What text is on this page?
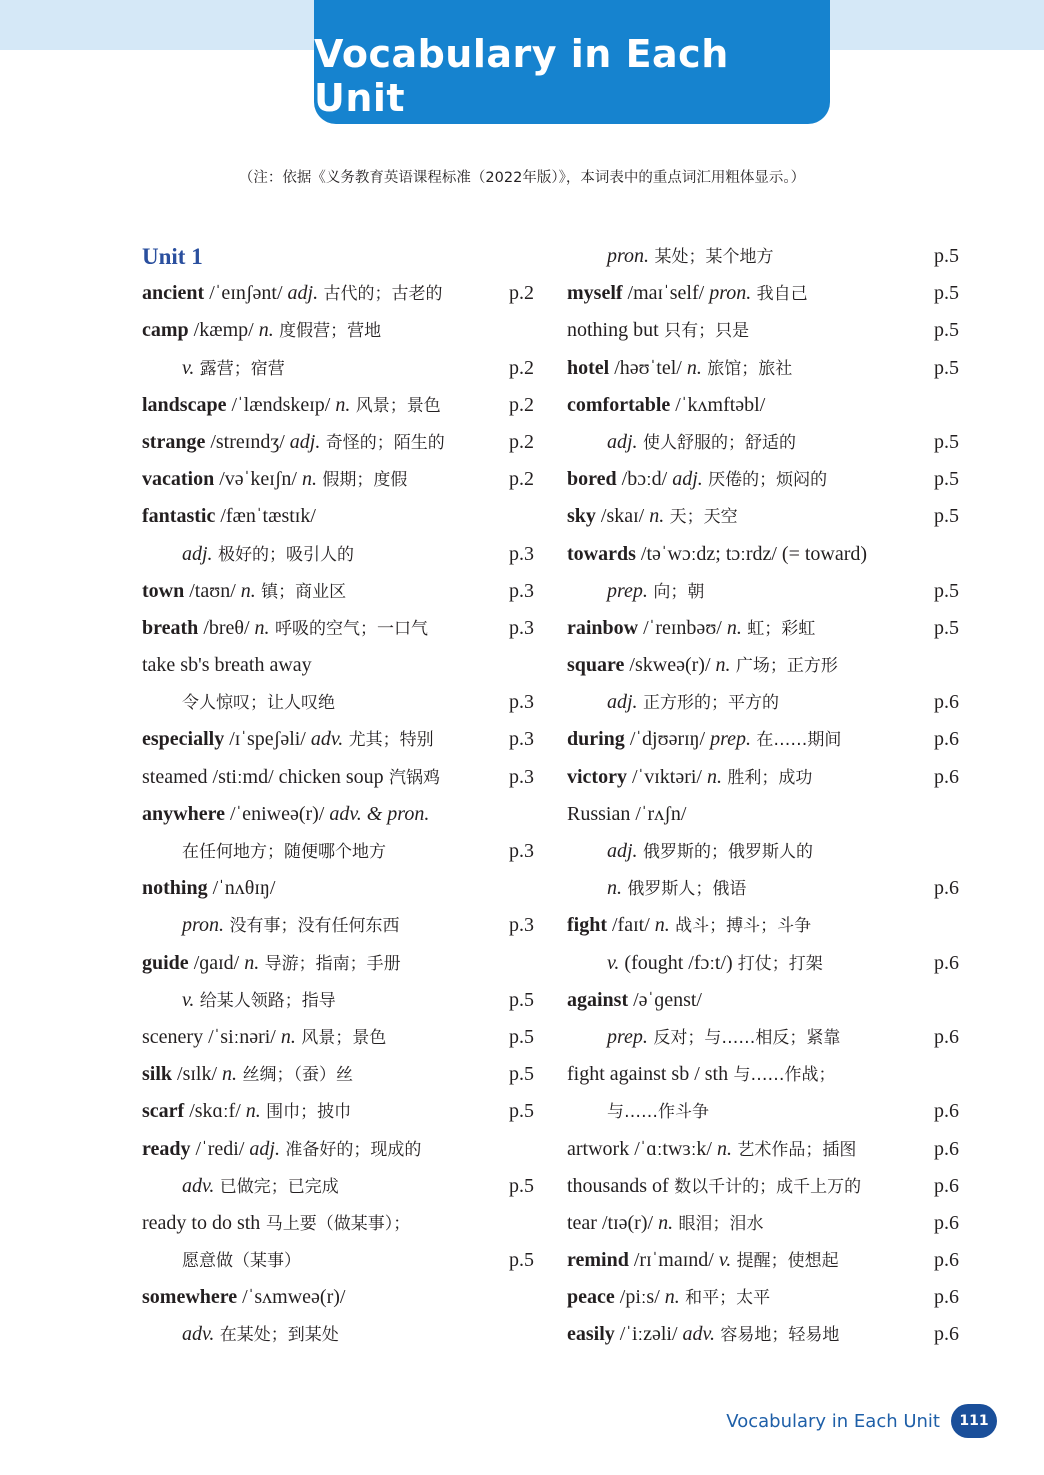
Vocabulary in Each Unit
（注：依据《义务教育英语课程标准（2022年版）》，本词表中的重点词汇用粗体显示。）
Unit 1
ancient /ˈeɪnʃənt/ adj. 古代的；古老的	p.2
camp /kæmp/ n. 度假营；营地
v. 露营；宿营	p.2
landscape /ˈlændskeɪp/ n. 风景；景色	p.2
strange /streɪndʒ/ adj. 奇怪的；陌生的	p.2
vacation /vəˈkeɪʃn/ n. 假期；度假	p.2
fantastic /fænˈtæstɪk/
adj. 极好的；吸引人的	p.3
town /taʊn/ n. 镇；商业区	p.3
breath /breθ/ n. 呼吸的空气；一口气	p.3
take sb's breath away
令人惊叹；让人叹绝	p.3
especially /ɪˈspeʃəli/ adv. 尤其；特别	p.3
steamed /stiːmd/ chicken soup 汽锅鸡	p.3
anywhere /ˈeniweə(r)/ adv. & pron.
在任何地方；随便哪个地方	p.3
nothing /ˈnʌθɪŋ/
pron. 没有事；没有任何东西	p.3
guide /ɡaɪd/ n. 导游；指南；手册
v. 给某人领路；指导	p.5
scenery /ˈsiːnəri/ n. 风景；景色	p.5
silk /sɪlk/ n. 丝绸；（蚕）丝	p.5
scarf /skɑːf/ n. 围巾；披巾	p.5
ready /ˈredi/ adj. 准备好的；现成的
adv. 已做完；已完成	p.5
ready to do sth 马上要（做某事）；
愿意做（某事）	p.5
somewhere /ˈsʌmweə(r)/
adv. 在某处；到某处
pron. 某处；某个地方	p.5
myself /maɪˈself/ pron. 我自己	p.5
nothing but 只有；只是	p.5
hotel /həʊˈtel/ n. 旅馆；旅社	p.5
comfortable /ˈkʌmftəbl/
adj. 使人舒服的；舒适的	p.5
bored /bɔːd/ adj. 厌倦的；烦闷的	p.5
sky /skaɪ/ n. 天；天空	p.5
towards /təˈwɔːdz; tɔːrdz/ (= toward)
prep. 向；朝	p.5
rainbow /ˈreɪnbəʊ/ n. 虹；彩虹	p.5
square /skweə(r)/ n. 广场；正方形
adj. 正方形的；平方的	p.6
during /ˈdjʊərɪŋ/ prep. 在……期间	p.6
victory /ˈvɪktəri/ n. 胜利；成功	p.6
Russian /ˈrʌʃn/
adj. 俄罗斯的；俄罗斯人的
n. 俄罗斯人；俄语	p.6
fight /faɪt/ n. 战斗；搏斗；斗争
v. (fought /fɔːt/) 打仗；打架	p.6
against /əˈɡenst/
prep. 反对；与……相反；紧靠	p.6
fight against sb / sth 与……作战；
与……作斗争	p.6
artwork /ˈɑːtwɜːk/ n. 艺术作品；插图	p.6
thousands of 数以千计的；成千上万的	p.6
tear /tɪə(r)/ n. 眼泪；泪水	p.6
remind /rɪˈmaɪnd/ v. 提醒；使想起	p.6
peace /piːs/ n. 和平；太平	p.6
easily /ˈiːzəli/ adv. 容易地；轻易地	p.6
Vocabulary in Each Unit	111
